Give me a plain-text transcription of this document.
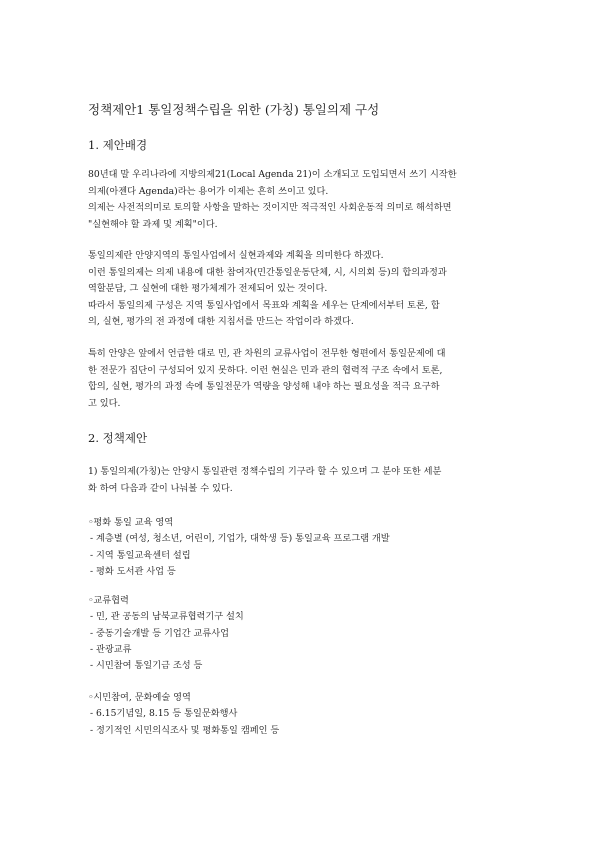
정책제안1 통일정책수립을 위한 (가칭) 통일의제 구성
1. 제안배경
80년대 말 우리나라에 지방의제21(Local Agenda 21)이 소개되고 도입되면서 쓰기 시작한
의제(아젠다 Agenda)라는 용어가 이제는 흔히 쓰이고 있다.
의제는 사전적의미로 토의할 사항을 말하는 것이지만 적극적인 사회운동적 의미로 해석하면
"실현해야 할 과제 및 계획"이다.
통일의제란 안양지역의 통일사업에서 실현과제와 계획을 의미한다 하겠다.
이런 통일의제는 의제 내용에 대한 참여자(민간통일운동단체, 시, 시의회 등)의 합의과정과
역할분담, 그 실현에 대한 평가체계가 전제되어 있는 것이다.
따라서 통일의제 구성은 지역 통일사업에서 목표와 계획을 세우는 단계에서부터 토론, 합
의, 실현, 평가의 전 과정에 대한 지침서를 만드는 작업이라 하겠다.
특히 안양은 앞에서 언급한 대로 민, 관 차원의 교류사업이 전무한 형편에서 통일문제에 대
한 전문가 집단이 구성되어 있지 못하다. 이런 현실은 민과 관의 협력적 구조 속에서 토론,
합의, 실현, 평가의 과정 속에 통일전문가 역량을 양성해 내야 하는 필요성을 적극 요구하
고 있다.
2. 정책제안
1) 통일의제(가칭)는 안양시 통일관련 정책수립의 기구라 할 수 있으며 그 분야 또한 세분
화 하여 다음과 같이 나눠볼 수 있다.
◦평화 통일 교육 영역
- 계층별 (여성, 청소년, 어린이, 기업가, 대학생 등) 통일교육 프로그램 개발
- 지역 통일교육센터 설립
- 평화 도서관 사업 등
◦교류협력
- 민, 관 공동의 남북교류협력기구 설치
- 중동기술개발 등 기업간 교류사업
- 관광교류
- 시민참여 통일기금 조성 등
◦시민참여, 문화예술 영역
- 6.15기념일, 8.15 등 통일문화행사
- 정기적인 시민의식조사 및 평화통일 캠페인 등
